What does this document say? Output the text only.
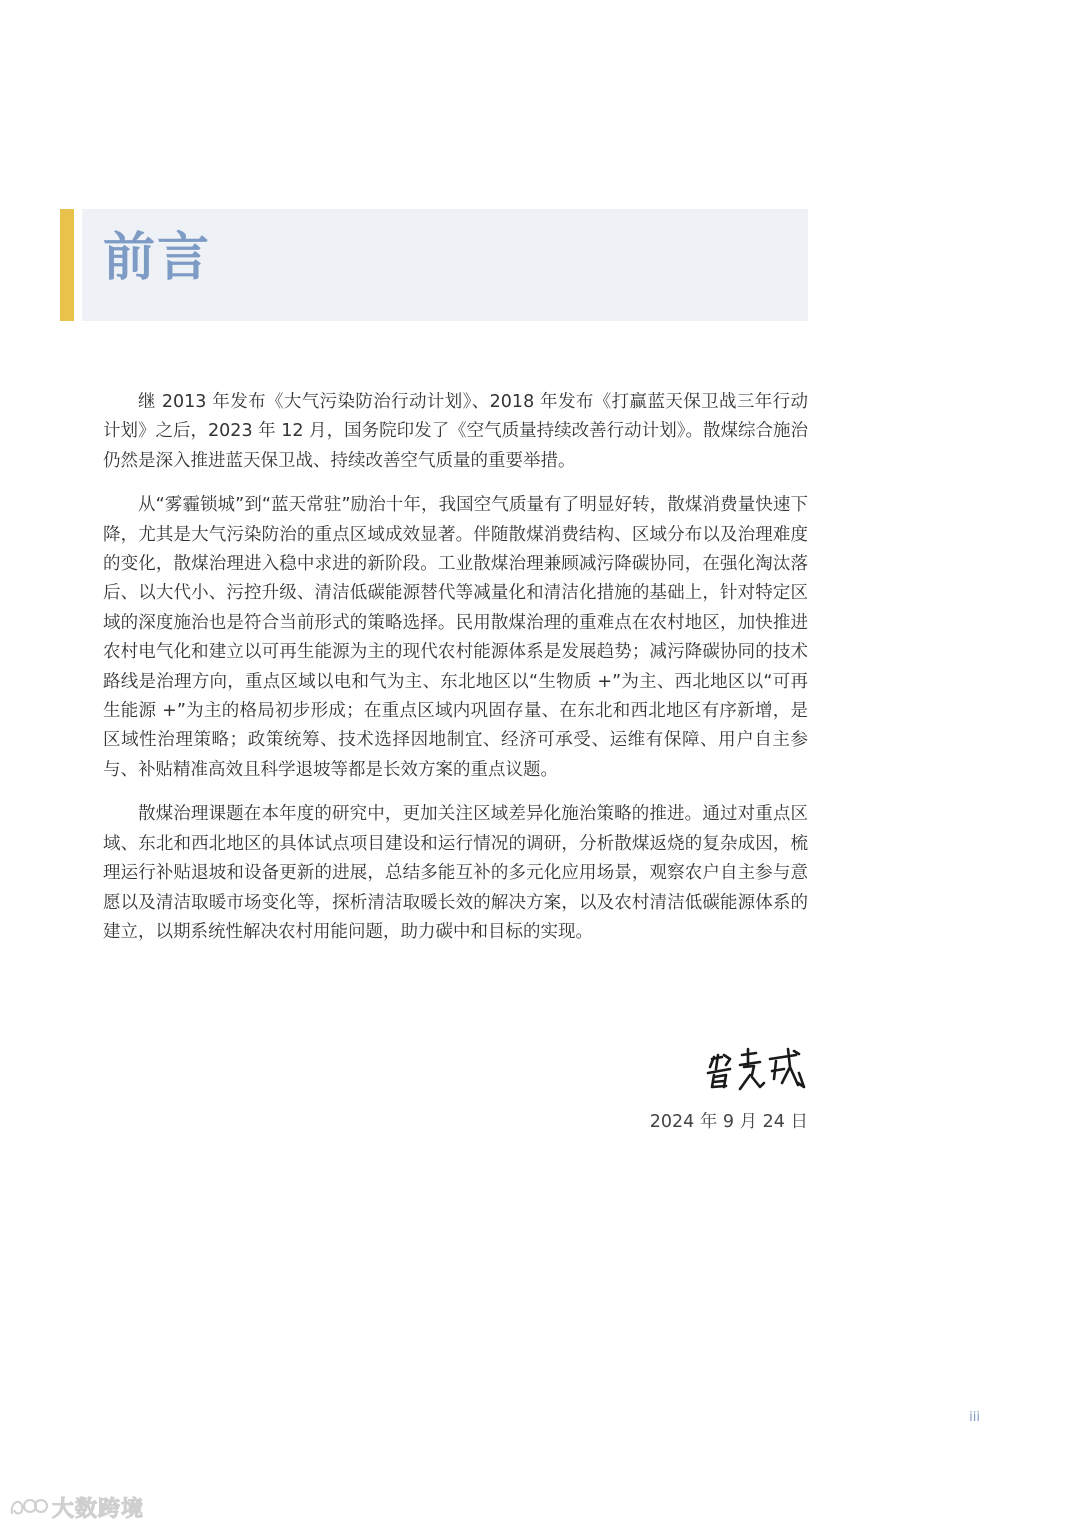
前言

继 2013 年发布《大气污染防治行动计划》、2018 年发布《打赢蓝天保卫战三年行动计划》之后，2023 年 12 月，国务院印发了《空气质量持续改善行动计划》。散煤综合施治仍然是深入推进蓝天保卫战、持续改善空气质量的重要举措。

从“雾霾锁城”到“蓝天常驻”励治十年，我国空气质量有了明显好转，散煤消费量快速下降，尤其是大气污染防治的重点区域成效显著。伴随散煤消费结构、区域分布以及治理难度的变化，散煤治理进入稳中求进的新阶段。工业散煤治理兼顾减污降碳协同，在强化淘汰落后、以大代小、污控升级、清洁低碳能源替代等减量化和清洁化措施的基础上，针对特定区域的深度施治也是符合当前形式的策略选择。民用散煤治理的重难点在农村地区，加快推进农村电气化和建立以可再生能源为主的现代农村能源体系是发展趋势；减污降碳协同的技术路线是治理方向，重点区域以电和气为主、东北地区以“生物质 +”为主、西北地区以“可再生能源 +”为主的格局初步形成；在重点区域内巩固存量、在东北和西北地区有序新增，是区域性治理策略；政策统筹、技术选择因地制宜、经济可承受、运维有保障、用户自主参与、补贴精准高效且科学退坡等都是长效方案的重点议题。

散煤治理课题在本年度的研究中，更加关注区域差异化施治策略的推进。通过对重点区域、东北和西北地区的具体试点项目建设和运行情况的调研，分析散煤返烧的复杂成因，梳理运行补贴退坡和设备更新的进展，总结多能互补的多元化应用场景，观察农户自主参与意愿以及清洁取暖市场变化等，探析清洁取暖长效的解决方案，以及农村清洁低碳能源体系的建立，以期系统性解决农村用能问题，助力碳中和目标的实现。

2024 年 9 月 24 日
iii
大数跨境
